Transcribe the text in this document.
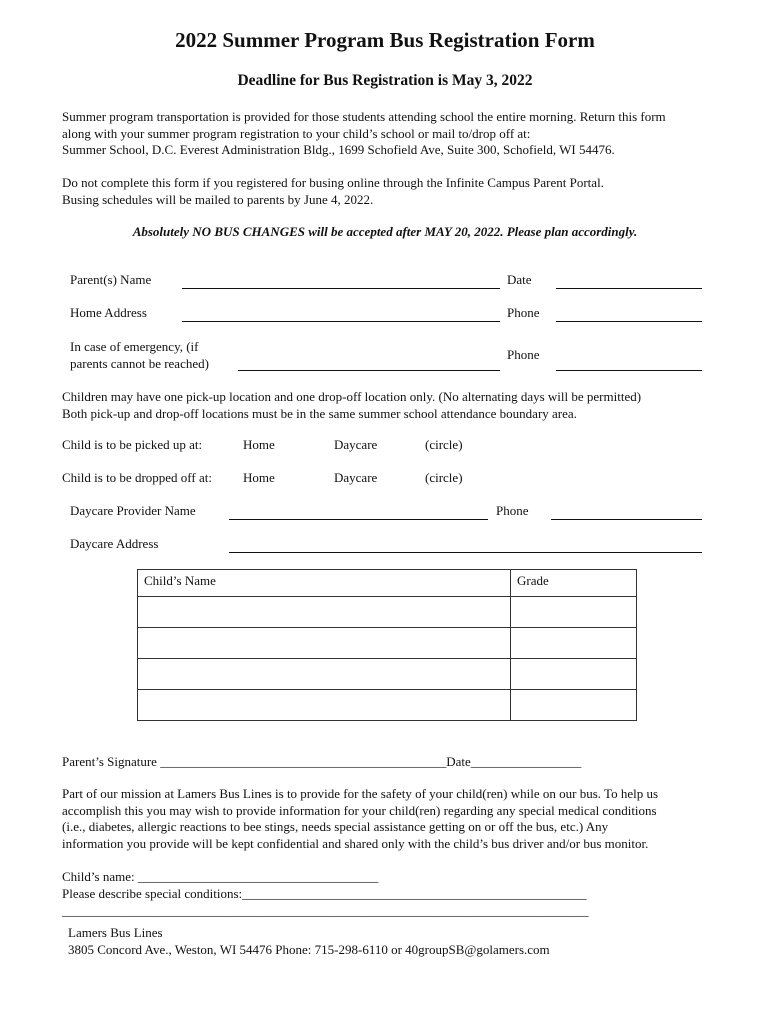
2022 Summer Program Bus Registration Form
Deadline for Bus Registration is May 3, 2022
Summer program transportation is provided for those students attending school the entire morning. Return this form
along with your summer program registration to your child’s school or mail to/drop off at:
Summer School, D.C. Everest Administration Bldg., 1699 Schofield Ave, Suite 300, Schofield, WI 54476.
Do not complete this form if you registered for busing online through the Infinite Campus Parent Portal.
Busing schedules will be mailed to parents by June 4, 2022.
Absolutely NO BUS CHANGES will be accepted after MAY 20, 2022. Please plan accordingly.
Parent(s) Name	Date
Home Address	Phone
In case of emergency, (if
parents cannot be reached)
Phone
Children may have one pick-up location and one drop-off location only. (No alternating days will be permitted)
Both pick-up and drop-off locations must be in the same summer school attendance boundary area.
Child is to be picked up at:	Home	Daycare	(circle)
Child is to be dropped off at: Home	Daycare	(circle)
Daycare Provider Name	Phone
Daycare Address
Child’s Name	Grade

Parent’s Signature ____________________________________________Date_________________
Part of our mission at Lamers Bus Lines is to provide for the safety of your child(ren) while on our bus. To help us
accomplish this you may wish to provide information for your child(ren) regarding any special medical conditions
(i.e., diabetes, allergic reactions to bee stings, needs special assistance getting on or off the bus, etc.) Any
information you provide will be kept confidential and shared only with the child’s bus driver and/or bus monitor.
Child’s name: _____________________________________
Please describe special conditions:_____________________________________________________
_________________________________________________________________________________
Lamers Bus Lines
3805 Concord Ave., Weston, WI 54476 Phone: 715-298-6110 or 40groupSB@golamers.com
